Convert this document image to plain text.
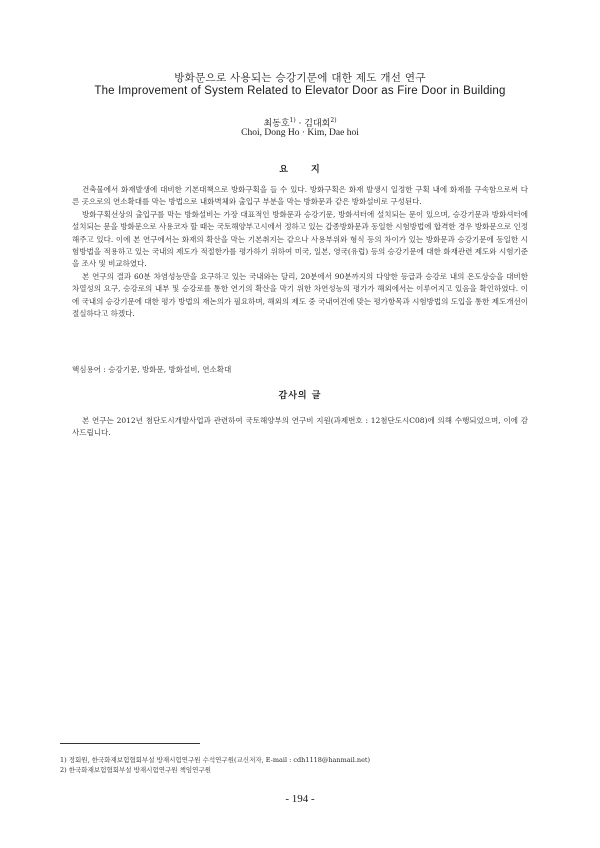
방화문으로 사용되는 승강기문에 대한 제도 개선 연구
The Improvement of System Related to Elevator Door as Fire Door in Building
최동호$^{1)}$ · 김대회$^{2)}$
Choi, Dong Ho · Kim, Dae hoi
요 지

건축물에서 화재발생에 대비한 기본대책으로 방화구획을 들 수 있다. 방화구획은 화재 발생시 일정한 구획 내에 화재를 구속함으로써 다른 곳으로의 연소확대를 막는 방법으로 내화벽체와 출입구 부분을 막는 방화문과 같은 방화설비로 구성된다.

방화구획선상의 출입구를 막는 방화설비는 가장 대표적인 방화문과 승강기문, 방화셔터에 설치되는 문이 있으며, 승강기문과 방화셔터에 설치되는 문을 방화문으로 사용코자 할 때는 국토해양부고시에서 정하고 있는 갑종방화문과 동일한 시험방법에 합격한 경우 방화문으로 인정해주고 있다. 이에 본 연구에서는 화재의 확산을 막는 기본취지는 같으나 사용부위와 형식 등의 차이가 있는 방화문과 승강기문에 동일한 시험방법을 적용하고 있는 국내의 제도가 적절한가를 평가하기 위하여 미국, 일본, 영국(유럽) 등의 승강기문에 대한 화재관련 제도와 시험기준을 조사 및 비교하였다.

본 연구의 결과 60분 차염성능만을 요구하고 있는 국내와는 달리, 20분에서 90분까지의 다양한 등급과 승강로 내의 온도상승을 대비한 차열성의 요구, 승강로의 내부 및 승강로를 통한 연기의 확산을 막기 위한 차연성능의 평가가 해외에서는 이루어지고 있음을 확인하였다. 이에 국내의 승강기문에 대한 평가 방법의 재논의가 필요하며, 해외의 제도 중 국내여건에 맞는 평가항목과 시험방법의 도입을 통한 제도개선이 절실하다고 하겠다.

핵심용어 : 승강기문, 방화문, 방화설비, 연소확대
감사의 글

본 연구는 2012년 첨단도시개발사업과 관련하여 국토해양부의 연구비 지원(과제번호 : 12첨단도시C08)에 의해 수행되었으며, 이에 감사드립니다.

1) 정회원, 한국화재보험협회부설 방재시험연구원 수석연구원(교신저자, E-mail : cdh1118@hanmail.net)
2) 한국화재보험협회부설 방재시험연구원 책임연구원
- 194 -
